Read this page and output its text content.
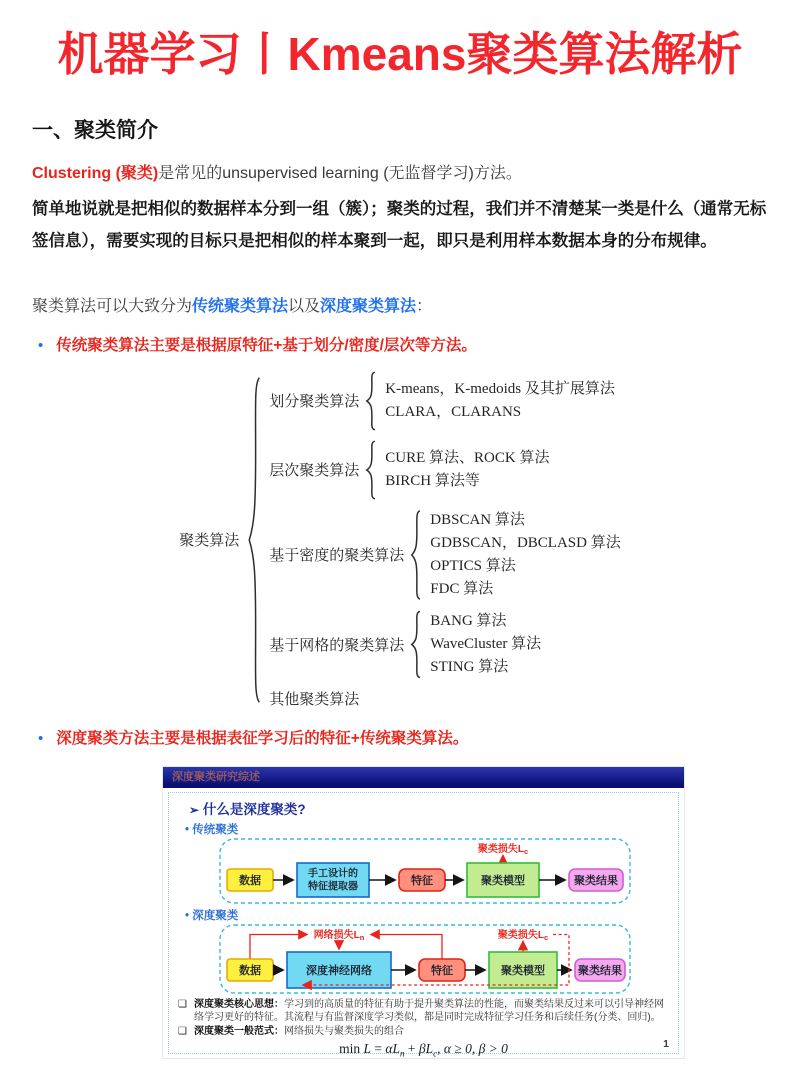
机器学习丨Kmeans聚类算法解析
一、聚类简介

Clustering (聚类)是常见的unsupervised learning (无监督学习)方法。

简单地说就是把相似的数据样本分到一组（簇）；聚类的过程，我们并不清楚某一类是什么（通常无标签信息），需要实现的目标只是把相似的样本聚到一起，即只是利用样本数据本身的分布规律。

聚类算法可以大致分为传统聚类算法以及深度聚类算法：

• 传统聚类算法主要是根据原特征+基于划分/密度/层次等方法。
聚类算法
划分聚类算法
K-means，K-medoids 及其扩展算法
CLARA，CLARANS
层次聚类算法
CURE 算法、ROCK 算法
BIRCH 算法等
基于密度的聚类算法
DBSCAN 算法
GDBSCAN，DBCLASD 算法
OPTICS 算法
FDC 算法
基于网格的聚类算法
BANG 算法
WaveCluster 算法
STING 算法
其他聚类算法
• 深度聚类方法主要是根据表征学习后的特征+传统聚类算法。
深度聚类研究综述
➢ 什么是深度聚类?
• 传统聚类
聚类损失$L_c$
数据
手工设计的
特征提取器	特征	聚类模型	聚类结果
• 深度聚类
网络损失$L_n$	聚类损失$L_c$
数据	深度神经网络	特征	聚类模型	聚类结果

❑ 深度聚类核心思想：学习到的高质量的特征有助于提升聚类算法的性能，而聚类结果反过来可以引导神经网络学习更好的特征。其流程与有监督深度学习类似，都是同时完成特征学习任务和后续任务(分类、回归)。

❑ 深度聚类一般范式：网络损失与聚类损失的组合

$\min L = \alpha L_n + \beta L_c$, α ≥ 0, β > 0	1
